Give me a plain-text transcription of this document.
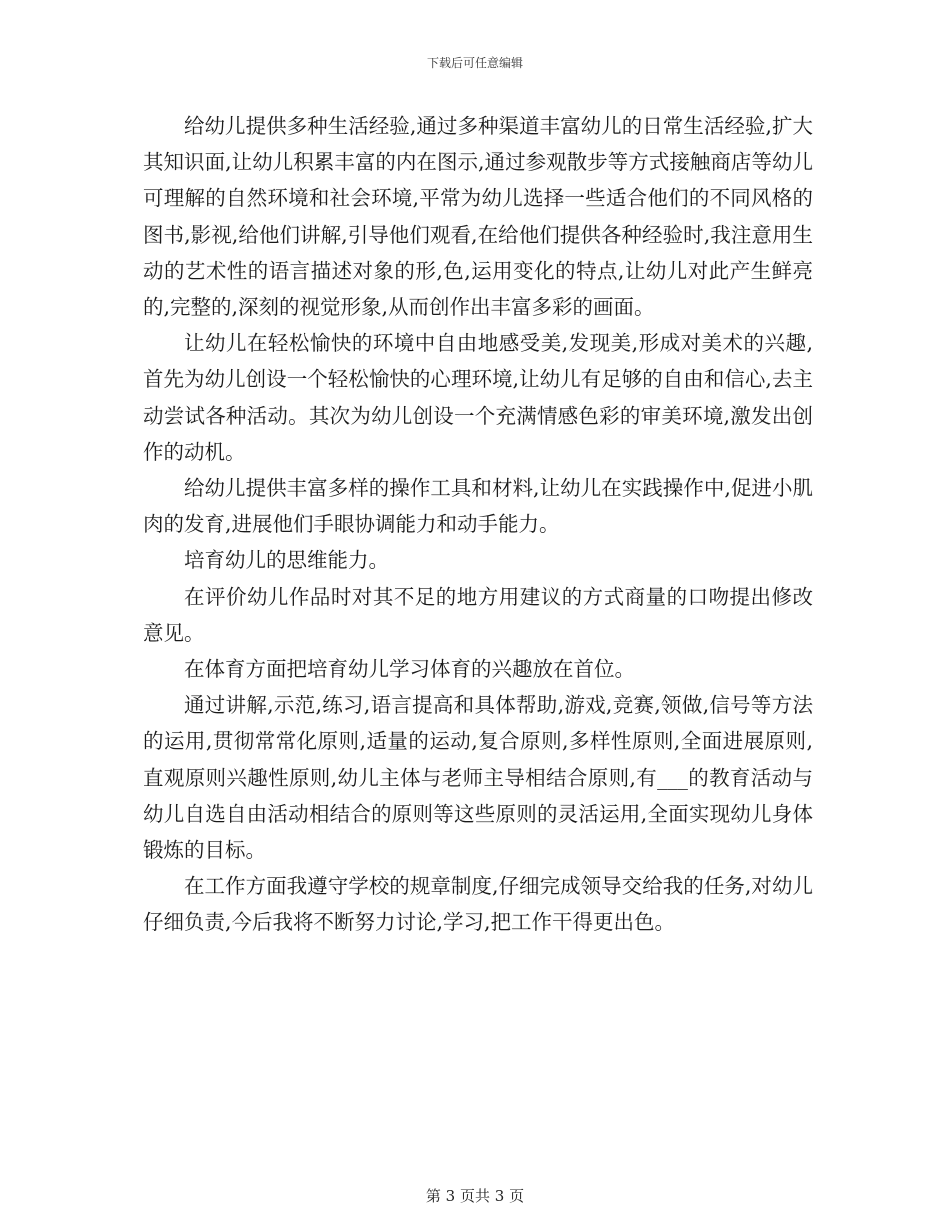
下载后可任意编辑

给幼儿提供多种生活经验,通过多种渠道丰富幼儿的日常生活经验,扩大其知识面,让幼儿积累丰富的内在图示,通过参观散步等方式接触商店等幼儿可理解的自然环境和社会环境,平常为幼儿选择一些适合他们的不同风格的图书,影视,给他们讲解,引导他们观看,在给他们提供各种经验时,我注意用生动的艺术性的语言描述对象的形,色,运用变化的特点,让幼儿对此产生鲜亮的,完整的,深刻的视觉形象,从而创作出丰富多彩的画面。

让幼儿在轻松愉快的环境中自由地感受美,发现美,形成对美术的兴趣,首先为幼儿创设一个轻松愉快的心理环境,让幼儿有足够的自由和信心,去主动尝试各种活动。其次为幼儿创设一个充满情感色彩的审美环境,激发出创作的动机。

给幼儿提供丰富多样的操作工具和材料,让幼儿在实践操作中,促进小肌肉的发育,进展他们手眼协调能力和动手能力。

培育幼儿的思维能力。

在评价幼儿作品时对其不足的地方用建议的方式商量的口吻提出修改意见。

在体育方面把培育幼儿学习体育的兴趣放在首位。

通过讲解,示范,练习,语言提高和具体帮助,游戏,竞赛,领做,信号等方法的运用,贯彻常常化原则,适量的运动,复合原则,多样性原则,全面进展原则,直观原则兴趣性原则,幼儿主体与老师主导相结合原则,有___的教育活动与幼儿自选自由活动相结合的原则等这些原则的灵活运用,全面实现幼儿身体锻炼的目标。

在工作方面我遵守学校的规章制度,仔细完成领导交给我的任务,对幼儿仔细负责,今后我将不断努力讨论,学习,把工作干得更出色。

第 3 页共 3 页
